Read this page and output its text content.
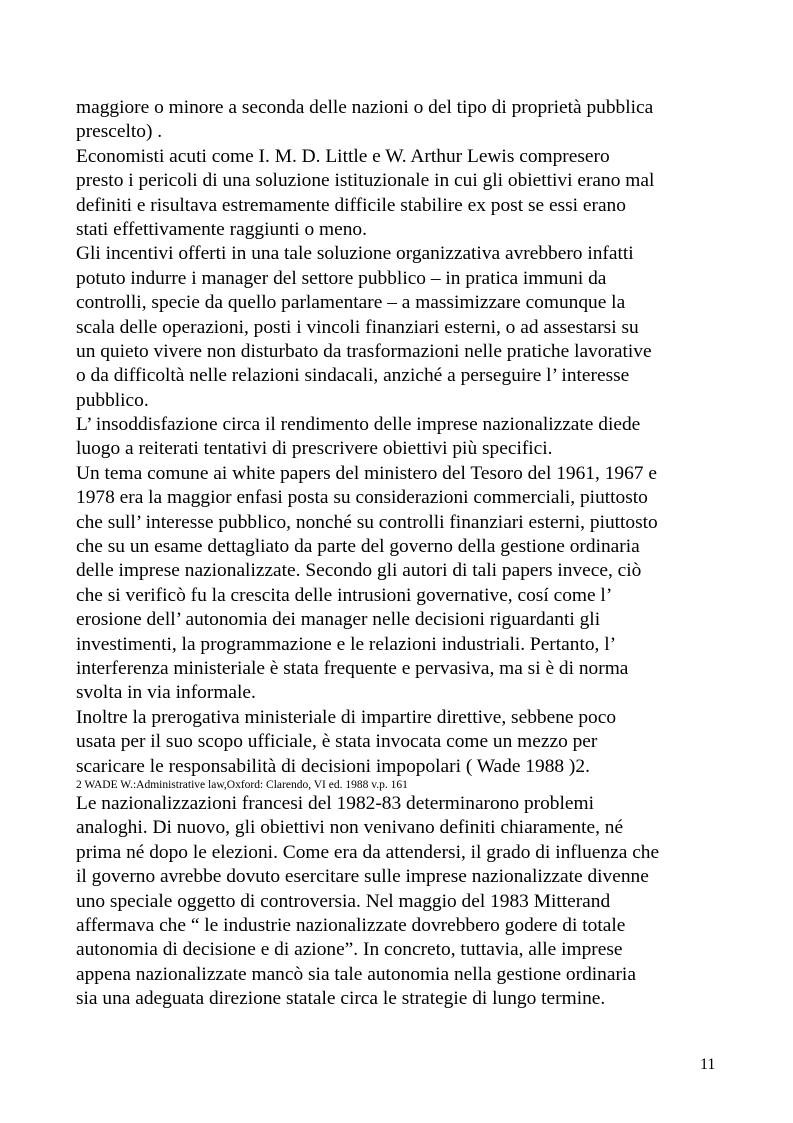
maggiore o minore a seconda delle nazioni o del tipo di proprietà pubblica
prescelto) .
Economisti acuti come I. M. D. Little e W. Arthur Lewis compresero
presto i pericoli di una soluzione istituzionale in cui gli obiettivi erano mal
definiti e risultava estremamente difficile stabilire ex post se essi erano
stati effettivamente raggiunti o meno.
Gli incentivi offerti in una tale soluzione organizzativa avrebbero infatti
potuto indurre i manager del settore pubblico – in pratica immuni da
controlli, specie da quello parlamentare – a massimizzare comunque la
scala delle operazioni, posti i vincoli finanziari esterni, o ad assestarsi su
un quieto vivere non disturbato da trasformazioni nelle pratiche lavorative
o da difficoltà nelle relazioni sindacali, anziché a perseguire l’ interesse
pubblico.
L’ insoddisfazione circa il rendimento delle imprese nazionalizzate diede
luogo a reiterati tentativi di prescrivere obiettivi più specifici.
Un tema comune ai white papers del ministero del Tesoro del 1961, 1967 e
1978 era la maggior enfasi posta su considerazioni commerciali, piuttosto
che sull’ interesse pubblico, nonché su controlli finanziari esterni, piuttosto
che su un esame dettagliato da parte del governo della gestione ordinaria
delle imprese nazionalizzate. Secondo gli autori di tali papers invece, ciò
che si verificò fu la crescita delle intrusioni governative, cosí come l’
erosione dell’ autonomia dei manager nelle decisioni riguardanti gli
investimenti, la programmazione e le relazioni industriali. Pertanto, l’
interferenza ministeriale è stata frequente e pervasiva, ma si è di norma
svolta in via informale.
Inoltre la prerogativa ministeriale di impartire direttive, sebbene poco
usata per il suo scopo ufficiale, è stata invocata come un mezzo per
scaricare le responsabilità di decisioni impopolari ( Wade 1988 )2.
2 WADE W.:Administrative law,Oxford: Clarendo, VI ed. 1988 v.p. 161
Le nazionalizzazioni francesi del 1982-83 determinarono problemi
analoghi. Di nuovo, gli obiettivi non venivano definiti chiaramente, né
prima né dopo le elezioni. Come era da attendersi, il grado di influenza che
il governo avrebbe dovuto esercitare sulle imprese nazionalizzate divenne
uno speciale oggetto di controversia. Nel maggio del 1983 Mitterand
affermava che “ le industrie nazionalizzate dovrebbero godere di totale
autonomia di decisione e di azione”. In concreto, tuttavia, alle imprese
appena nazionalizzate mancò sia tale autonomia nella gestione ordinaria
sia una adeguata direzione statale circa le strategie di lungo termine.
11
